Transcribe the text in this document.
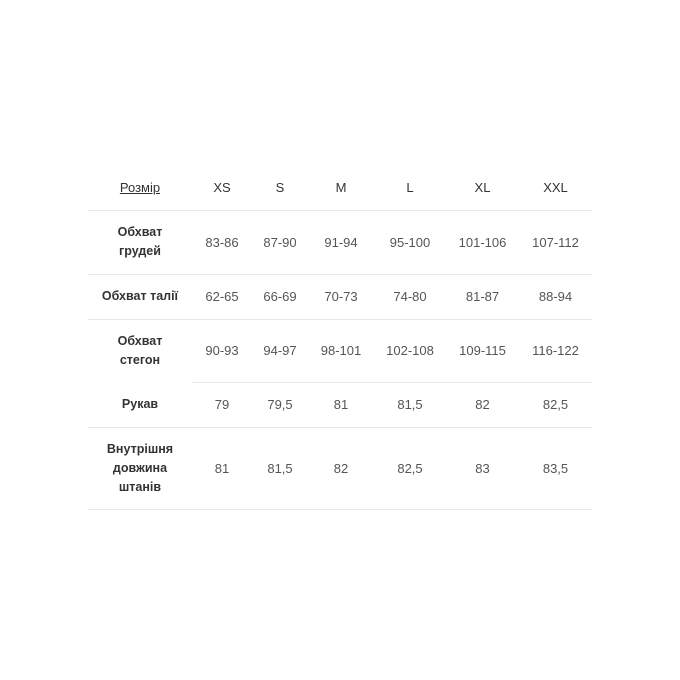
Розмір	XS	S	M	L	XL	XXL
Обхват грудей	83-86	87-90	91-94	95-100	101-106	107-112
Обхват талії	62-65	66-69	70-73	74-80	81-87	88-94
Обхват стегон	90-93	94-97	98-101	102-108	109-115	116-122
Рукав	79	79,5	81	81,5	82	82,5
Внутрішня довжина штанів	81	81,5	82	82,5	83	83,5
